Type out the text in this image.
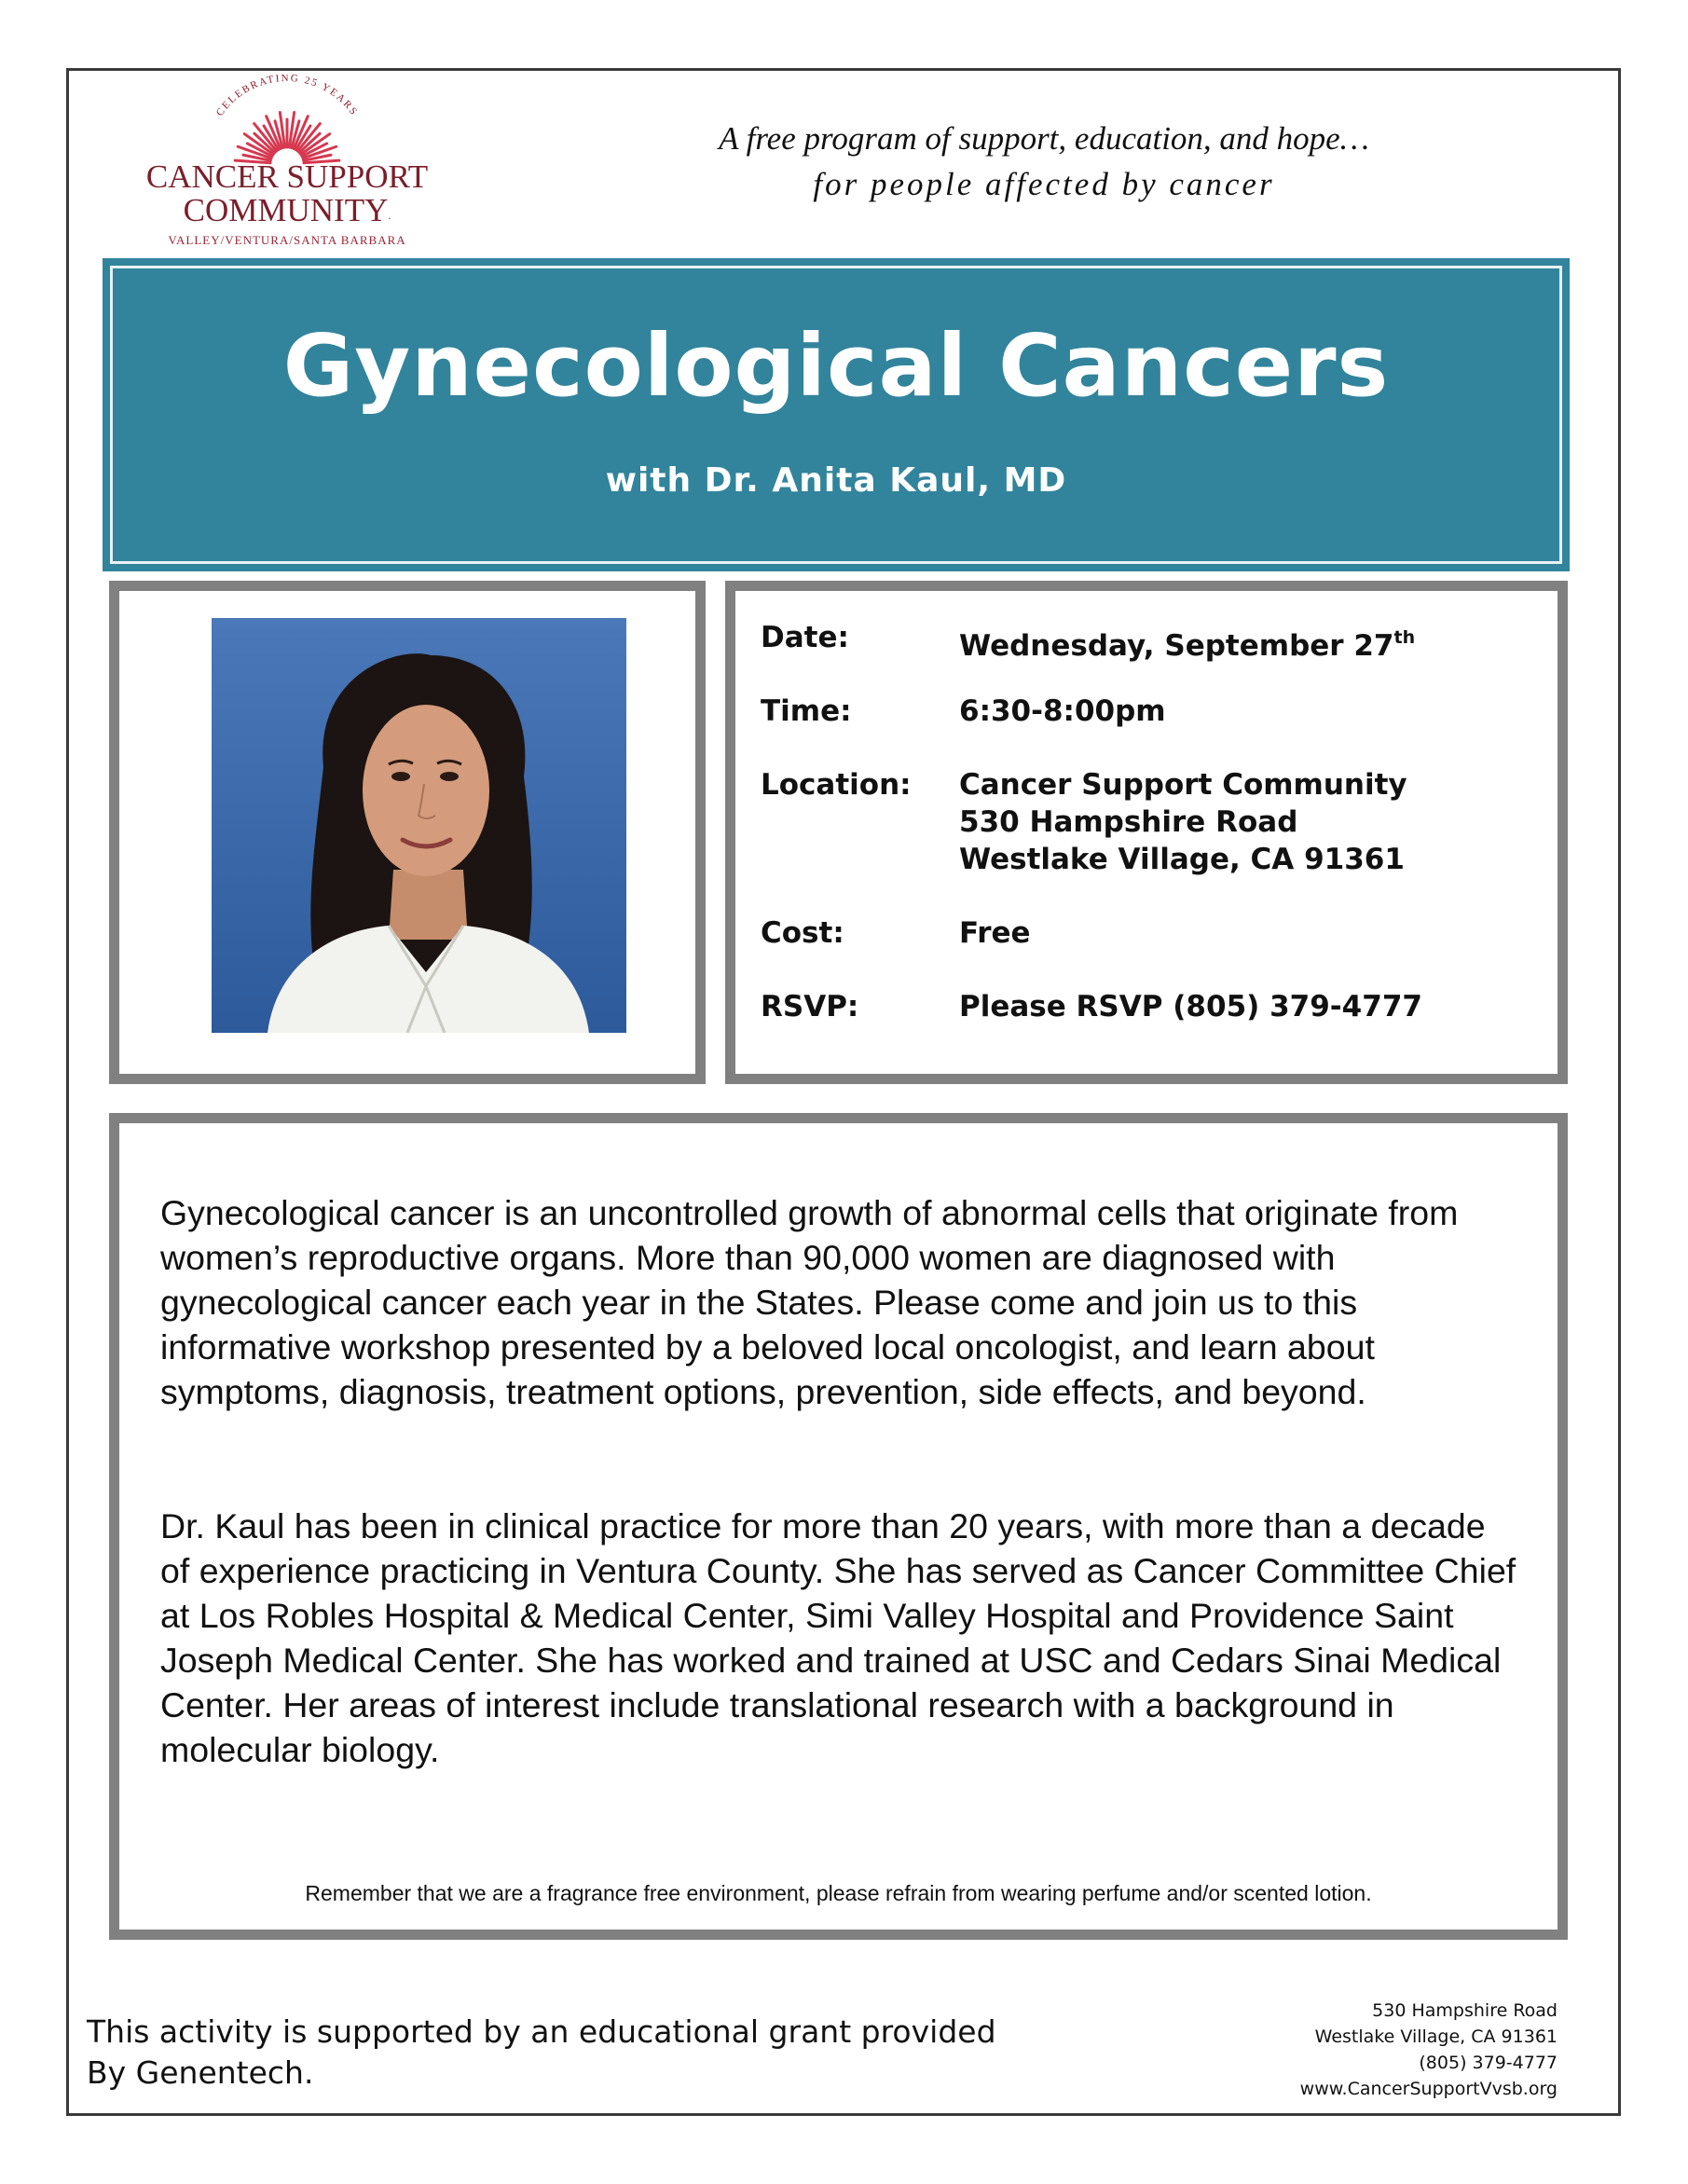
CELEBRATING 25 YEARS
CANCER SUPPORT
COMMUNITY.
VALLEY/VENTURA/SANTA BARBARA
A free program of support, education, and hope…
for people affected by cancer
Gynecological Cancers
with Dr. Anita Kaul, MD
Date:	Wednesday, September 27th
Time:	6:30-8:00pm
Location: Cancer Support Community
530 Hampshire Road
Westlake Village, CA 91361
Cost:	Free
RSVP:	Please RSVP (805) 379-4777
Gynecological cancer is an uncontrolled growth of abnormal cells that originate from women’s reproductive organs. More than 90,000 women are diagnosed with gynecological cancer each year in the States. Please come and join us to this informative workshop presented by a beloved local oncologist, and learn about symptoms, diagnosis, treatment options, prevention, side effects, and beyond.
Dr. Kaul has been in clinical practice for more than 20 years, with more than a decade of experience practicing in Ventura County. She has served as Cancer Committee Chief at Los Robles Hospital & Medical Center, Simi Valley Hospital and Providence Saint Joseph Medical Center. She has worked and trained at USC and Cedars Sinai Medical Center. Her areas of interest include translational research with a background in molecular biology.
Remember that we are a fragrance free environment, please refrain from wearing perfume and/or scented lotion.
This activity is supported by an educational grant provided
By Genentech.
530 Hampshire Road
Westlake Village, CA 91361
(805) 379-4777
www.CancerSupportVvsb.org
